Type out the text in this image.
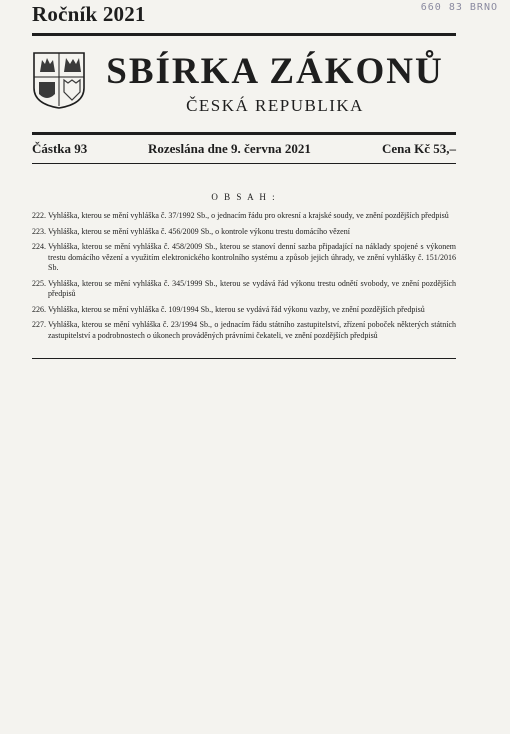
Ročník 2021	660 83 BRNO
SBÍRKA ZÁKONŮ
ČESKÁ REPUBLIKA
Částka 93	Rozeslána dne 9. června 2021	Cena Kč 53,–
O B S A H :
222. Vyhláška, kterou se mění vyhláška č. 37/1992 Sb., o jednacím řádu pro okresní a krajské soudy, ve znění pozdějších předpisů
223. Vyhláška, kterou se mění vyhláška č. 456/2009 Sb., o kontrole výkonu trestu domácího vězení
224. Vyhláška, kterou se mění vyhláška č. 458/2009 Sb., kterou se stanoví denní sazba připadající na náklady spojené s výkonem trestu domácího vězení a využitím elektronického kontrolního systému a způsob jejich úhrady, ve znění vyhlášky č. 151/2016 Sb.
225. Vyhláška, kterou se mění vyhláška č. 345/1999 Sb., kterou se vydává řád výkonu trestu odnětí svobody, ve znění pozdějších předpisů
226. Vyhláška, kterou se mění vyhláška č. 109/1994 Sb., kterou se vydává řád výkonu vazby, ve znění pozdějších předpisů
227. Vyhláška, kterou se mění vyhláška č. 23/1994 Sb., o jednacím řádu státního zastupitelství, zřízení poboček některých státních zastupitelství a podrobnostech o úkonech prováděných právními čekateli, ve znění pozdějších předpisů
